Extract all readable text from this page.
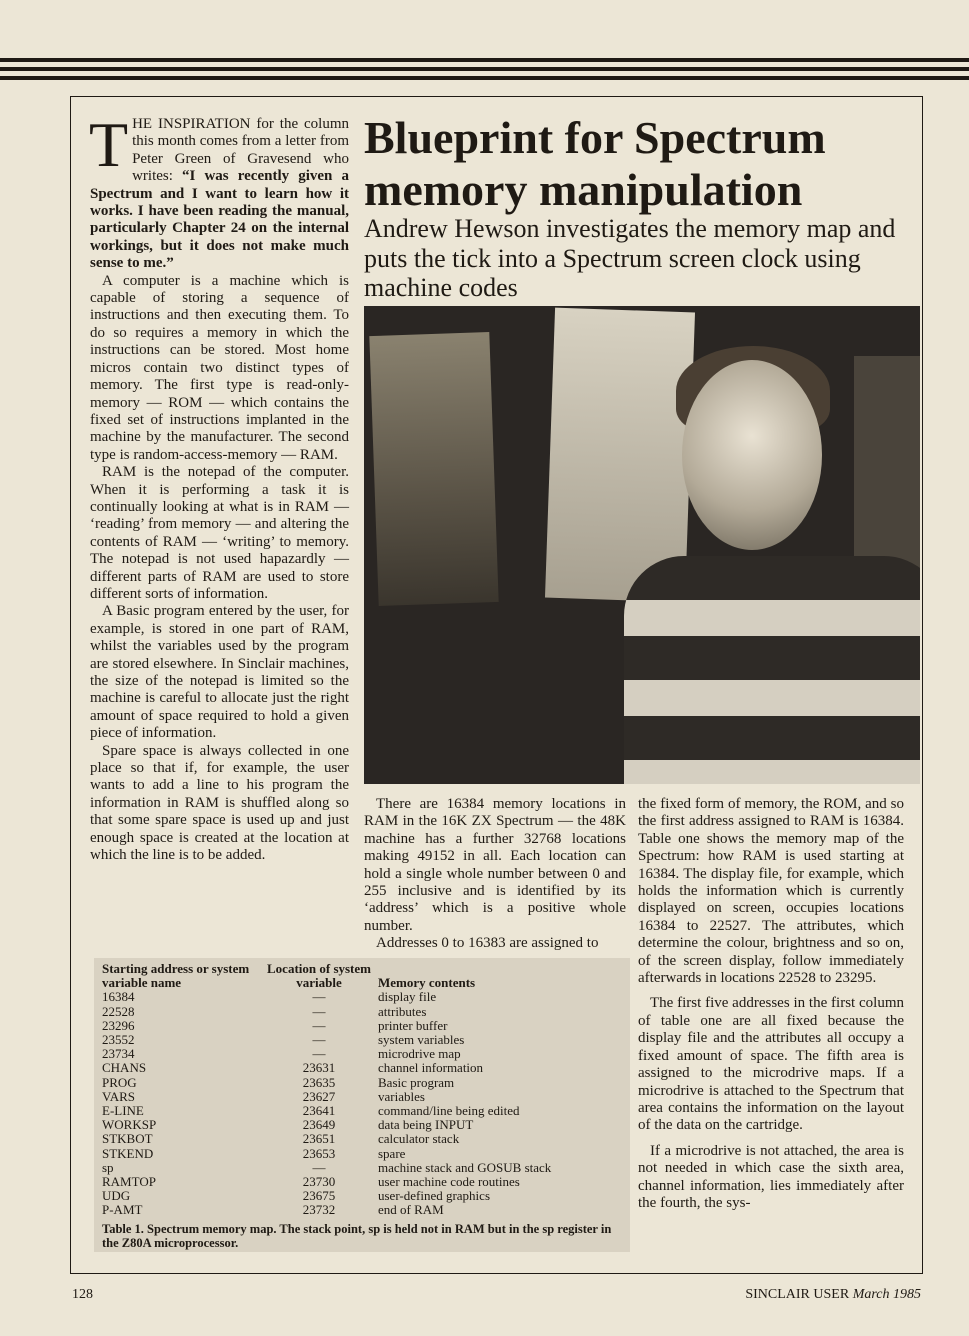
Blueprint for Spectrum memory manipulation

Andrew Hewson investigates the memory map and puts the tick into a Spectrum screen clock using machine codes

THE INSPIRATION for the column this month comes from a letter from Peter Green of Gravesend who writes: “I was recently given a Spectrum and I want to learn how it works. I have been reading the manual, particularly Chapter 24 on the internal workings, but it does not make much sense to me.”

A computer is a machine which is capable of storing a sequence of instructions and then executing them. To do so requires a memory in which the instructions can be stored. Most home micros contain two distinct types of memory. The first type is read-only-memory — ROM — which contains the fixed set of instructions implanted in the machine by the manufacturer. The second type is random-access-memory — RAM.

RAM is the notepad of the computer. When it is performing a task it is continually looking at what is in RAM — ‘reading’ from memory — and altering the contents of RAM — ‘writing’ to memory. The notepad is not used hapazardly — different parts of RAM are used to store different sorts of information.

A Basic program entered by the user, for example, is stored in one part of RAM, whilst the variables used by the program are stored elsewhere. In Sinclair machines, the size of the notepad is limited so the machine is careful to allocate just the right amount of space required to hold a given piece of information.

Spare space is always collected in one place so that if, for example, the user wants to add a line to his program the information in RAM is shuffled along so that some spare space is used up and just enough space is created at the location at which the line is to be added.

There are 16384 memory locations in RAM in the 16K ZX Spectrum — the 48K machine has a further 32768 locations making 49152 in all. Each location can hold a single whole number between 0 and 255 inclusive and is identified by its ‘address’ which is a positive whole number.

Addresses 0 to 16383 are assigned to

the fixed form of memory, the ROM, and so the first address assigned to RAM is 16384. Table one shows the memory map of the Spectrum: how RAM is used starting at 16384. The display file, for example, which holds the information which is currently displayed on screen, occupies locations 16384 to 22527. The attributes, which determine the colour, brightness and so on, of the screen display, follow immediately afterwards in locations 22528 to 23295.

The first five addresses in the first column of table one are all fixed because the display file and the attributes all occupy a fixed amount of space. The fifth area is assigned to the microdrive maps. If a microdrive is attached to the Spectrum that area contains the information on the layout of the data on the cartridge.

If a microdrive is not attached, the area is not needed in which case the sixth area, channel information, lies immediately after the fourth, the sys-

Starting address or system variable name	Location of system variable	Memory contents
16384	—	display file
22528	—	attributes
23296	—	printer buffer
23552	—	system variables
23734	—	microdrive map
CHANS	23631	channel information
PROG	23635	Basic program
VARS	23627	variables
E-LINE	23641	command/line being edited
WORKSP	23649	data being INPUT
STKBOT	23651	calculator stack
STKEND	23653	spare
sp	—	machine stack and GOSUB stack
RAMTOP	23730	user machine code routines
UDG	23675	user-defined graphics
P-AMT	23732	end of RAM
Table 1. Spectrum memory map. The stack point, sp is held not in RAM but in the sp register in the Z80A microprocessor.
128	SINCLAIR USER March 1985
